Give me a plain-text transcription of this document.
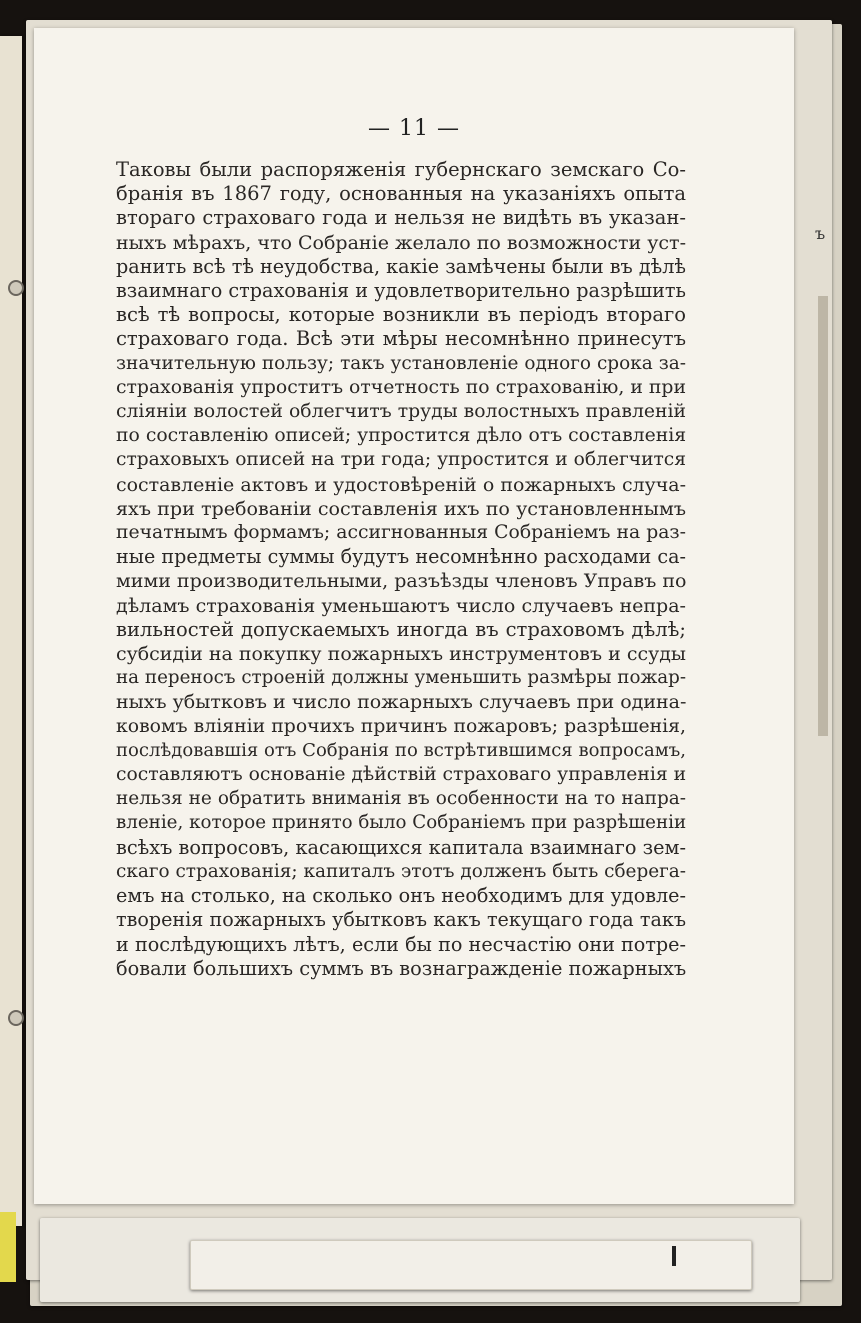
ъ
— 11 —
Таковы были распоряженія губернскаго земскаго Со-
бранія въ 1867 году, основанныя на указаніяхъ опыта
втораго страховаго года и нельзя не видѣть въ указан-
ныхъ мѣрахъ, что Собраніе желало по возможности уст-
ранить всѣ тѣ неудобства, какіе замѣчены были въ дѣлѣ
взаимнаго страхованія и удовлетворительно разрѣшить
всѣ тѣ вопросы, которые возникли въ періодъ втораго
страховаго года. Всѣ эти мѣры несомнѣнно принесутъ
значительную пользу; такъ установленіе одного срока за-
страхованія упроститъ отчетность по страхованію, и при
сліяніи волостей облегчитъ труды волостныхъ правленій
по составленію описей; упростится дѣло отъ составленія
страховыхъ описей на три года; упростится и облегчится
составленіе актовъ и удостовѣреній о пожарныхъ случа-
яхъ при требованіи составленія ихъ по установленнымъ
печатнымъ формамъ; ассигнованныя Собраніемъ на раз-
ные предметы суммы будутъ несомнѣнно расходами са-
мими производительными, разъѣзды членовъ Управъ по
дѣламъ страхованія уменьшаютъ число случаевъ непра-
вильностей допускаемыхъ иногда въ страховомъ дѣлѣ;
субсидіи на покупку пожарныхъ инструментовъ и ссуды
на переносъ строеній должны уменьшить размѣры пожар-
ныхъ убытковъ и число пожарныхъ случаевъ при одина-
ковомъ вліяніи прочихъ причинъ пожаровъ; разрѣшенія,
послѣдовавшія отъ Собранія по встрѣтившимся вопросамъ,
составляютъ основаніе дѣйствій страховаго управленія и
нельзя не обратить вниманія въ особенности на то напра-
вленіе, которое принято было Собраніемъ при разрѣшеніи
всѣхъ вопросовъ, касающихся капитала взаимнаго зем-
скаго страхованія; капиталъ этотъ долженъ быть сберега-
емъ на столько, на сколько онъ необходимъ для удовле-
творенія пожарныхъ убытковъ какъ текущаго года такъ
и послѣдующихъ лѣтъ, если бы по несчастію они потре-
бовали большихъ суммъ въ вознагражденіе пожарныхъ
